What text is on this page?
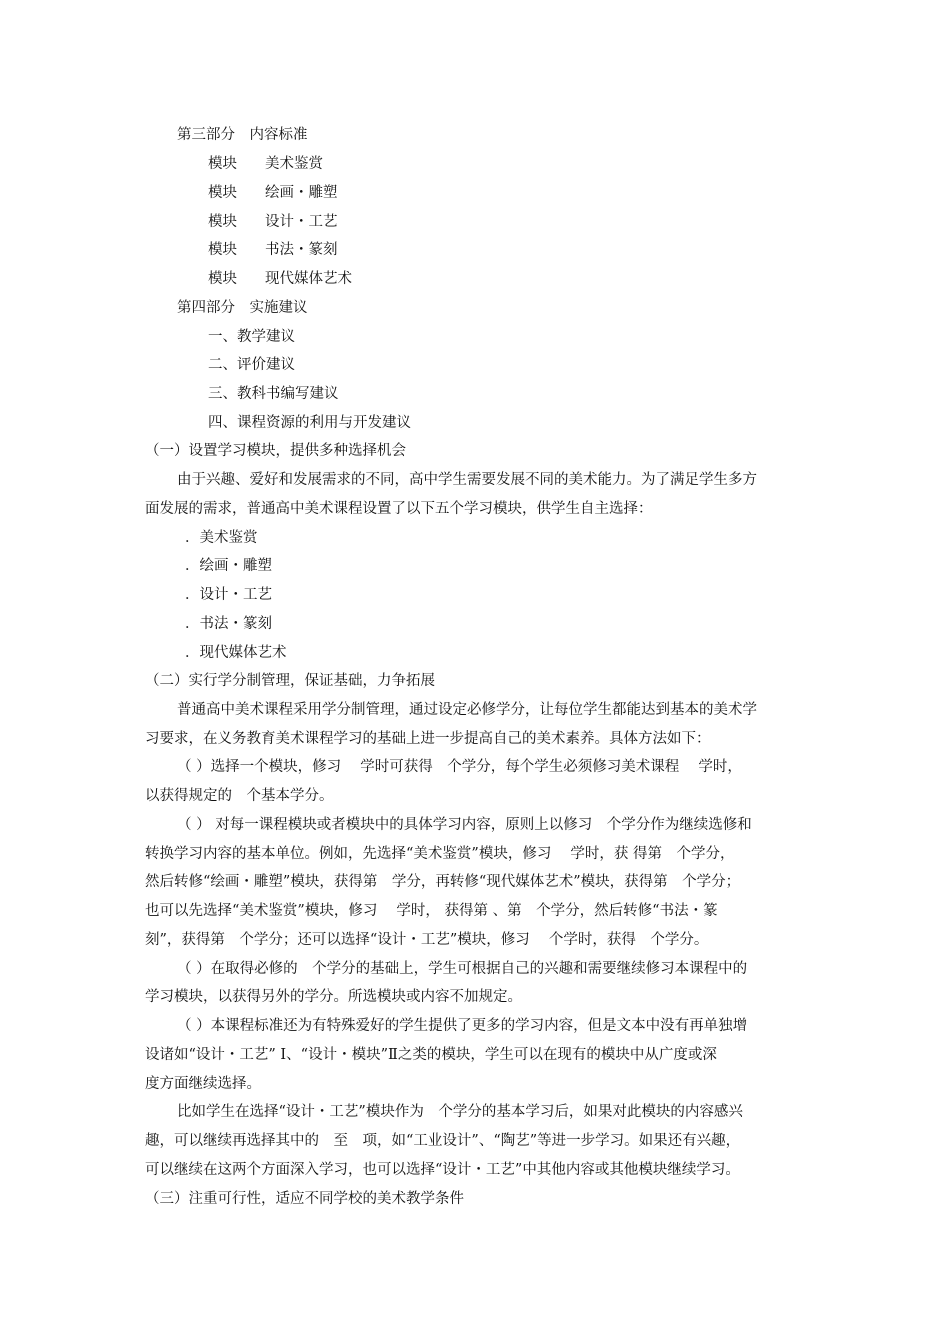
第三部分　内容标准
模块 美术鉴赏
模块 绘画・雕塑
模块 设计・工艺
模块 书法・篆刻
模块 现代媒体艺术
第四部分　实施建议
一、教学建议
二、评价建议
三、教科书编写建议
四、课程资源的利用与开发建议
（一）设置学习模块，提供多种选择机会
由于兴趣、爱好和发展需求的不同，高中学生需要发展不同的美术能力。为了满足学生多方
面发展的需求，普通高中美术课程设置了以下五个学习模块，供学生自主选择：
．美术鉴赏
．绘画・雕塑
．设计・工艺
．书法・篆刻
．现代媒体艺术
（二）实行学分制管理，保证基础，力争拓展
普通高中美术课程采用学分制管理，通过设定必修学分，让每位学生都能达到基本的美术学
习要求，在义务教育美术课程学习的基础上进一步提高自己的美术素养。具体方法如下：
（ ）选择一个模块，修习　 学时可获得　个学分，每个学生必须修习美术课程　 学时，
以获得规定的　个基本学分。
（ ） 对每一课程模块或者模块中的具体学习内容，原则上以修习　个学分作为继续选修和
转换学习内容的基本单位。例如，先选择“美术鉴赏”模块，修习　 学时，获 得第　个学分，
然后转修“绘画・雕塑”模块，获得第　学分，再转修“现代媒体艺术”模块，获得第　个学分；
也可以先选择“美术鉴赏”模块，修习　 学时， 获得第 、第　个学分，然后转修“书法・篆
刻”，获得第　个学分；还可以选择“设计・工艺”模块，修习　 个学时，获得　个学分。
（ ）在取得必修的　个学分的基础上，学生可根据自己的兴趣和需要继续修习本课程中的
学习模块，以获得另外的学分。所选模块或内容不加规定。
（ ）本课程标准还为有特殊爱好的学生提供了更多的学习内容，但是文本中没有再单独增
设诸如“设计・工艺” Ⅰ、“设计・模块”Ⅱ之类的模块，学生可以在现有的模块中从广度或深
度方面继续选择。
比如学生在选择“设计・工艺”模块作为　个学分的基本学习后，如果对此模块的内容感兴
趣，可以继续再选择其中的　至　项，如“工业设计”、“陶艺”等进一步学习。如果还有兴趣，
可以继续在这两个方面深入学习，也可以选择“设计・工艺”中其他内容或其他模块继续学习。
（三）注重可行性，适应不同学校的美术教学条件
